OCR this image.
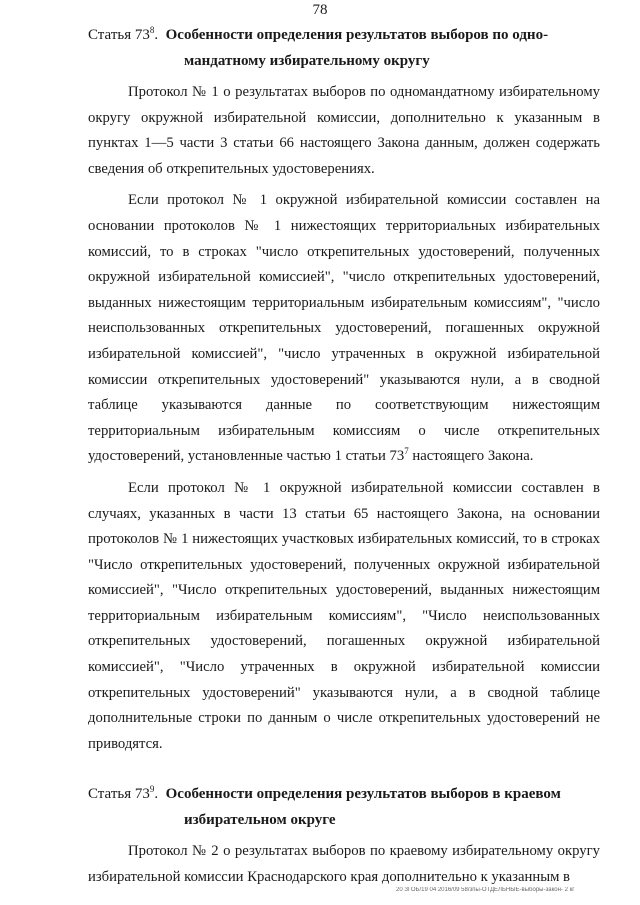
78

Статья $73^8$.  Особенности определения результатов выборов по одно-
мандатному избирательному округу

Протокол № 1 о результатах выборов по одномандатному избирательному округу окружной избирательной комиссии, дополнительно к указанным в пунктах 1—5 части 3 статьи 66 настоящего Закона данным, должен содержать сведения об открепительных удостоверениях.

Если протокол № 1 окружной избирательной комиссии составлен на основании протоколов № 1 нижестоящих территориальных избирательных комиссий, то в строках "число открепительных удостоверений, полученных окружной избирательной комиссией", "число открепительных удостоверений, выданных нижестоящим территориальным избирательным комиссиям", "число неиспользованных открепительных удостоверений, погашенных окружной избирательной комиссией", "число утраченных в окружной избирательной комиссии открепительных удостоверений" указываются нули, а в сводной таблице указываются данные по соответствующим нижестоящим территориальным избирательным комиссиям о числе открепительных удостоверений, установленные частью 1 статьи $73^7$ настоящего Закона.

Если протокол № 1 окружной избирательной комиссии составлен в случаях, указанных в части 13 статьи 65 настоящего Закона, на основании протоколов № 1 нижестоящих участковых избирательных комиссий, то в строках "Число открепительных удостоверений, полученных окружной избирательной комиссией", "Число открепительных удостоверений, выданных нижестоящим территориальным избирательным комиссиям", "Число неиспользованных открепительных удостоверений, погашенных окружной избирательной комиссией", "Число утраченных в окружной избирательной комиссии открепительных удостоверений" указываются нули, а в сводной таблице дополнительные строки по данным о числе открепительных удостоверений не приводятся.

Статья $73^9$.  Особенности определения результатов выборов в краевом
избирательном округе

Протокол № 2 о результатах выборов по краевому избирательному округу избирательной комиссии Краснодарского края дополнительно к указанным в

20 ЗГОБ/19 04 2016/09 58/зпы-ОТДЕЛЬНЫЕ-выборы-закон- 2 кг
